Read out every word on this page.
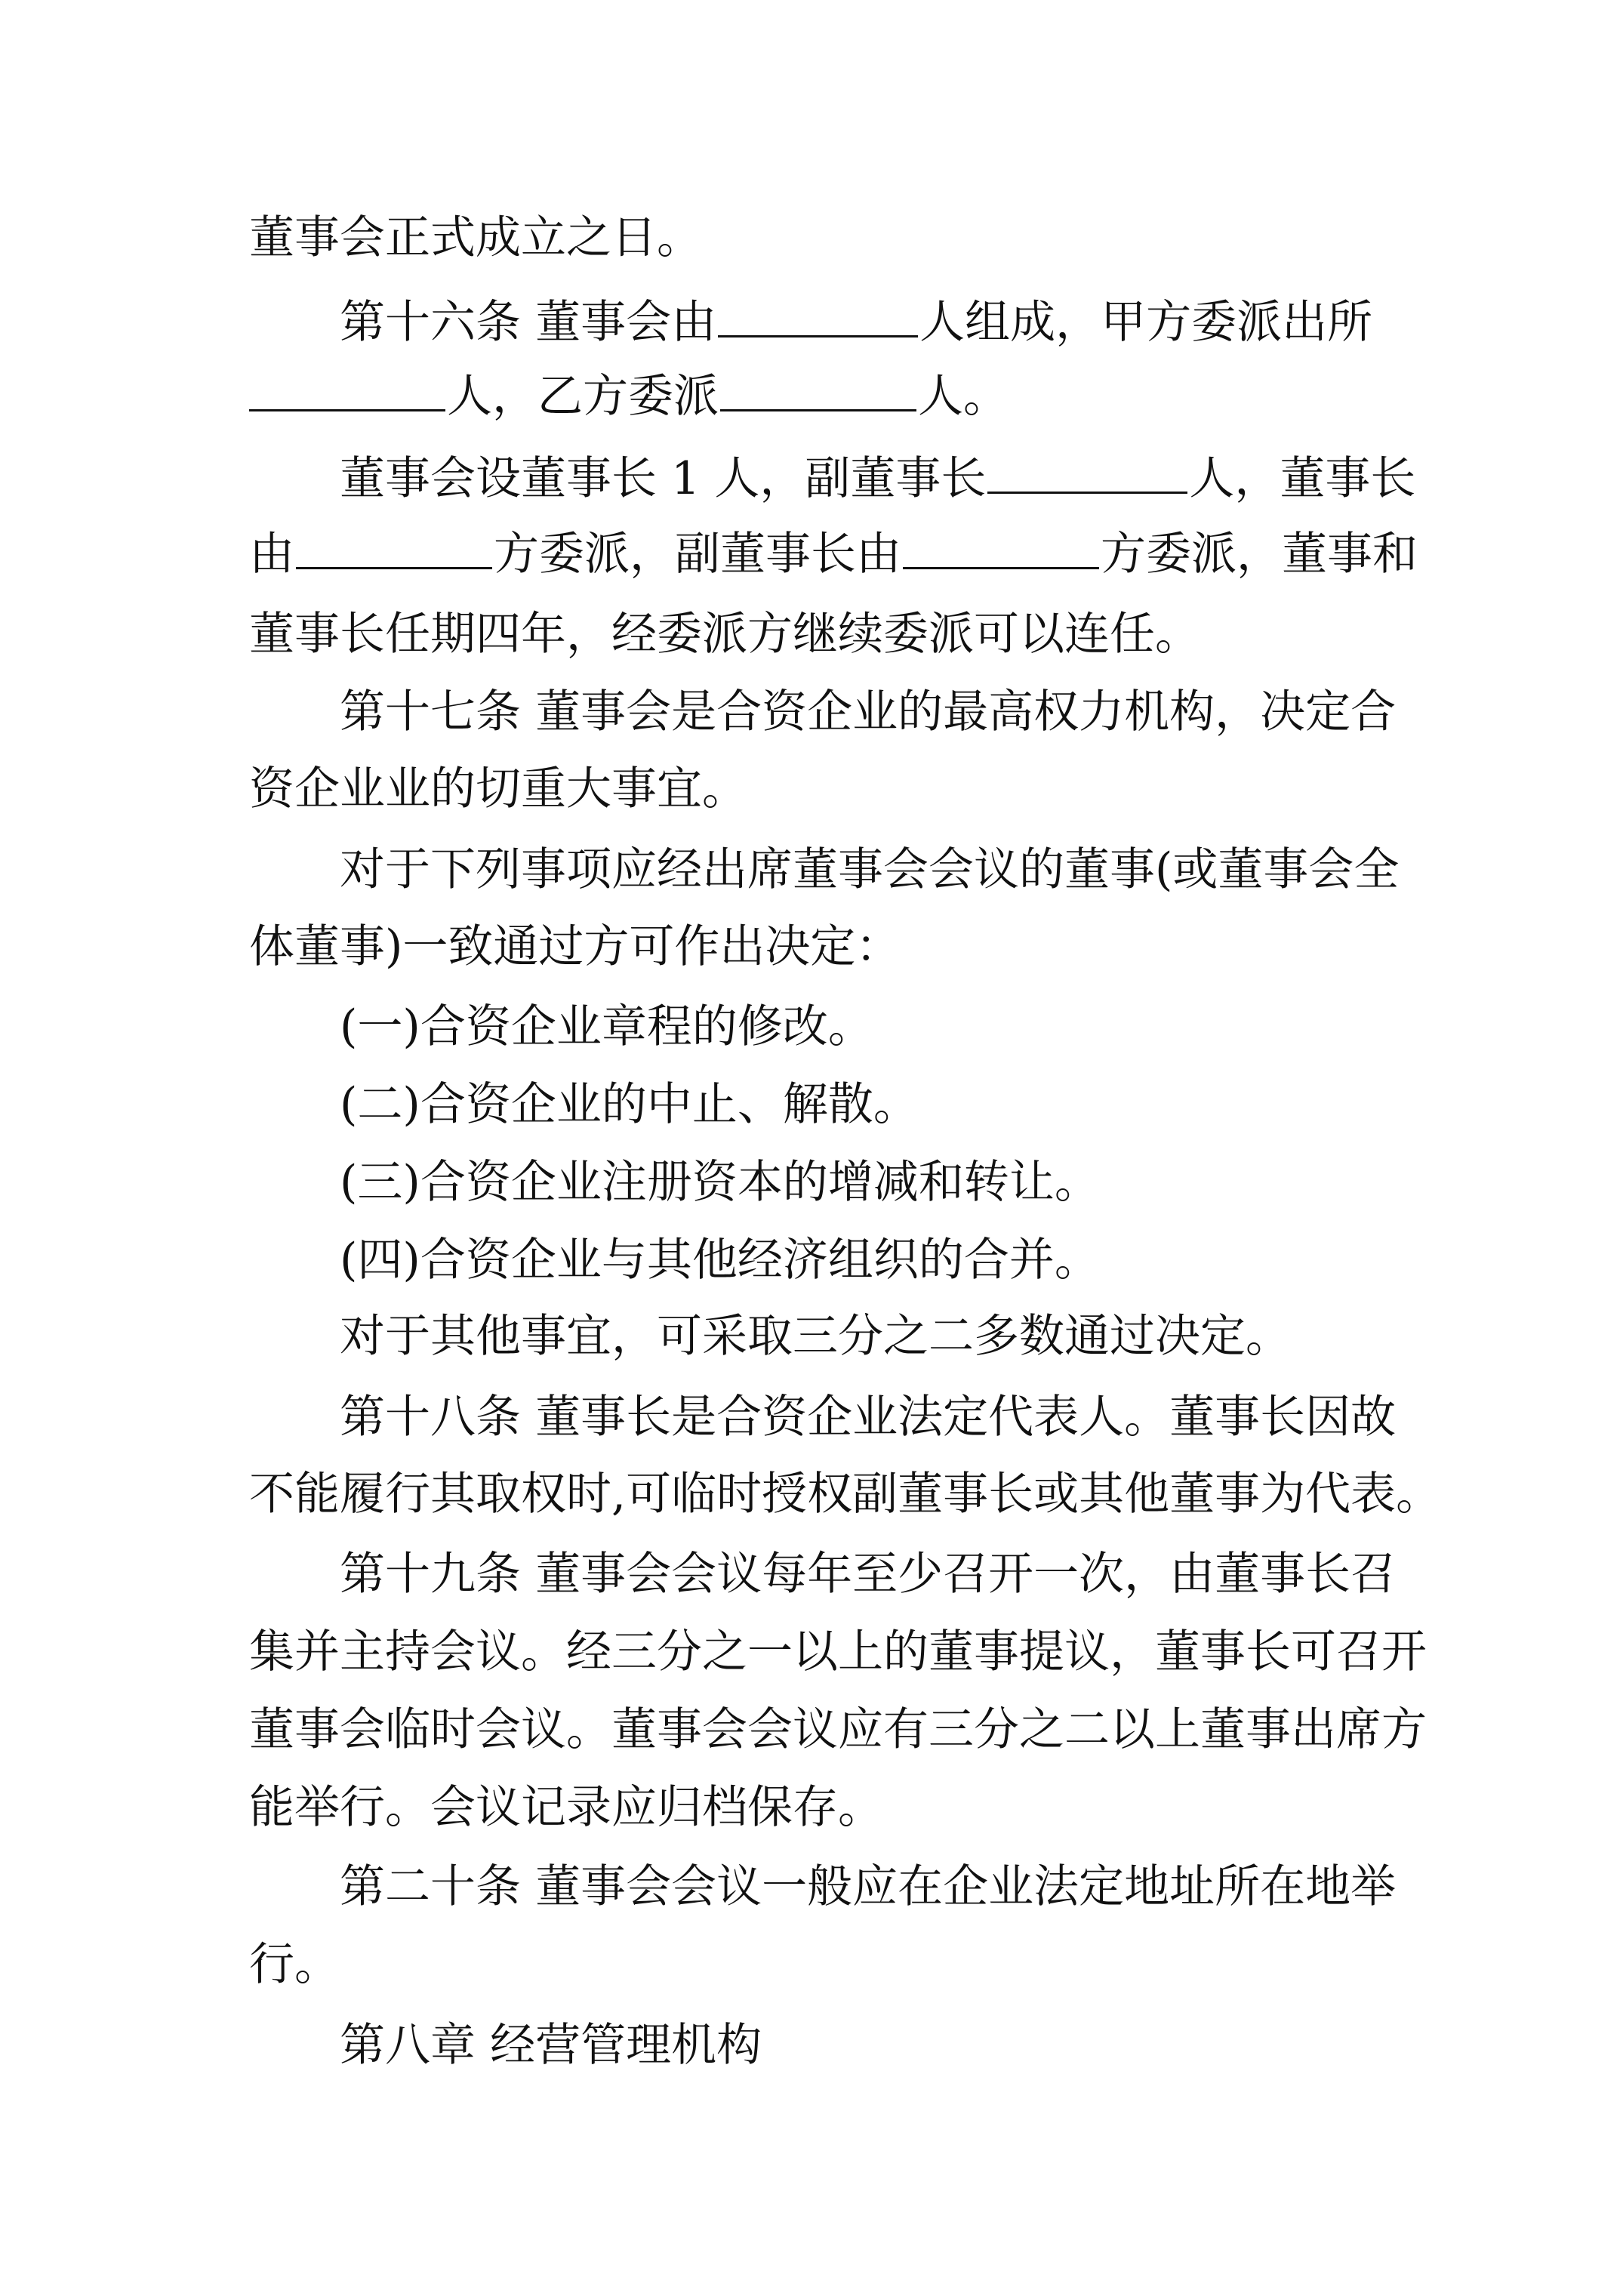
董事会正式成立之日。
第十六条 董事会由	人组成，甲方委派出所
人，乙方委派	人。
董事会设董事长 1 人，副董事长	人，董事长
由	方委派，副董事长由	方委派，董事和
董事长任期四年，经委派方继续委派可以连任。
第十七条 董事会是合资企业的最高权力机构，决定合
资企业业的切重大事宜。
对于下列事项应经出席董事会会议的董事(或董事会全
体董事)一致通过方可作出决定：
(一)合资企业章程的修改。
(二)合资企业的中止、解散。
(三)合资企业注册资本的增减和转让。
(四)合资企业与其他经济组织的合并。
对于其他事宜，可采取三分之二多数通过决定。
第十八条 董事长是合资企业法定代表人。董事长因故
不能履行其取权时,可临时授权副董事长或其他董事为代表。
第十九条 董事会会议每年至少召开一次，由董事长召
集并主持会议。经三分之一以上的董事提议，董事长可召开
董事会临时会议。董事会会议应有三分之二以上董事出席方
能举行。会议记录应归档保存。
第二十条 董事会会议一般应在企业法定地址所在地举
行。
第八章 经营管理机构
